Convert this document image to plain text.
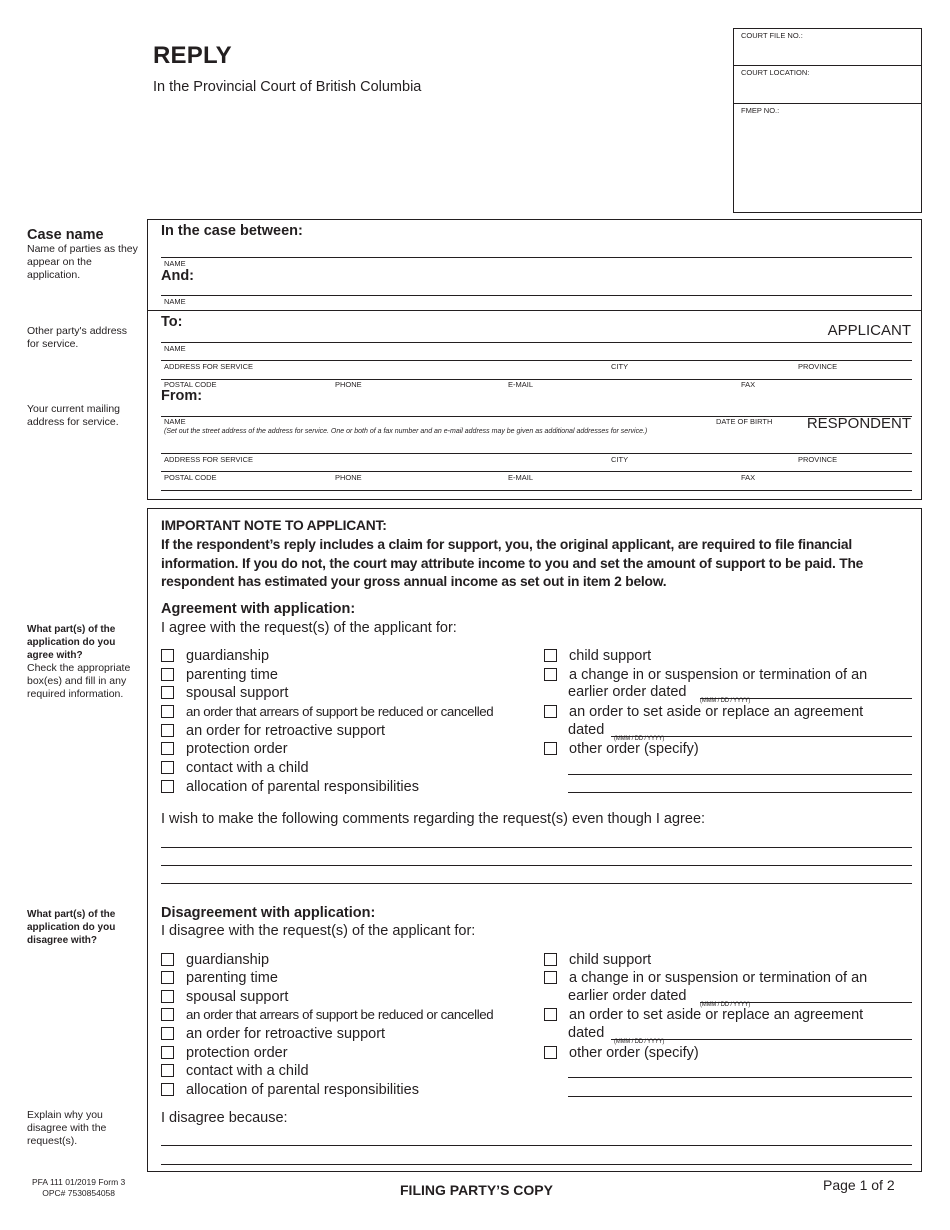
REPLY
In the Provincial Court of British Columbia
COURT FILE NO.:
COURT LOCATION:
FMEP NO.:
Case name
Name of parties as they appear on the application.
Other party's address for service.
Your current mailing address for service.
What part(s) of the application do you agree with?
Check the appropriate box(es) and fill in any required information.
What part(s) of the application do you disagree with?
Explain why you disagree with the request(s).
In the case between:
NAME
And:
NAME
To:	APPLICANT
NAME
ADDRESS FOR SERVICE	CITY	PROVINCE
POSTAL CODE	PHONE	E-MAIL	FAX
From:
NAME	DATE OF BIRTH RESPONDENT
(Set out the street address of the address for service. One or both of a fax number and an e-mail address may be given as additional addresses for service.)
ADDRESS FOR SERVICE	CITY	PROVINCE
POSTAL CODE	PHONE	E-MAIL	FAX
IMPORTANT NOTE TO APPLICANT:
If the respondent’s reply includes a claim for support, you, the original applicant, are required to file financial information. If you do not, the court may attribute income to you and set the amount of support to be paid. The respondent has estimated your gross annual income as set out in item 2 below.
Agreement with application:
I agree with the request(s) of the applicant for:
guardianship
parenting time
spousal support
an order that arrears of support be reduced or cancelled
an order for retroactive support
protection order
contact with a child
allocation of parental responsibilities
child support
a change in or suspension or termination of an
earlier order dated
(MMM / DD / YYYY)
an order to set aside or replace an agreement
dated
(MMM / DD / YYYY)
other order (specify)
I wish to make the following comments regarding the request(s) even though I agree:
Disagreement with application:
I disagree with the request(s) of the applicant for:
guardianship
parenting time
spousal support
an order that arrears of support be reduced or cancelled
an order for retroactive support
protection order
contact with a child
allocation of parental responsibilities
child support
a change in or suspension or termination of an
earlier order dated
(MMM / DD / YYYY)
an order to set aside or replace an agreement
dated
(MMM / DD / YYYY)
other order (specify)
I disagree because:
PFA 111 01/2019 Form 3
OPC# 7530854058	FILING PARTY’S COPY	Page 1 of 2
